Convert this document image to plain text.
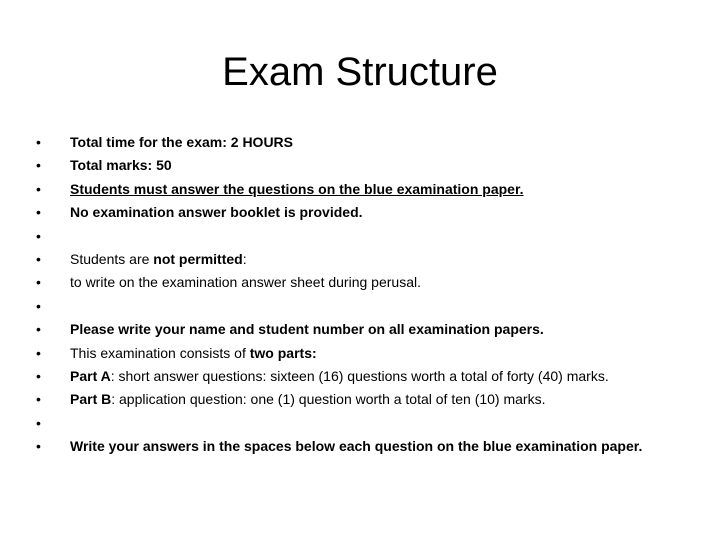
Exam Structure
•	Total time for the exam: 2 HOURS
•	Total marks: 50
•	Students must answer the questions on the blue examination paper.
•	No examination answer booklet is provided.
•
•	Students are not permitted:
•	to write on the examination answer sheet during perusal.
•
•	Please write your name and student number on all examination papers.
•	This examination consists of two parts:
•	Part A: short answer questions: sixteen (16) questions worth a total of forty (40) marks.
•	Part B: application question: one (1) question worth a total of ten (10) marks.
•
•	Write your answers in the spaces below each question on the blue examination paper.
